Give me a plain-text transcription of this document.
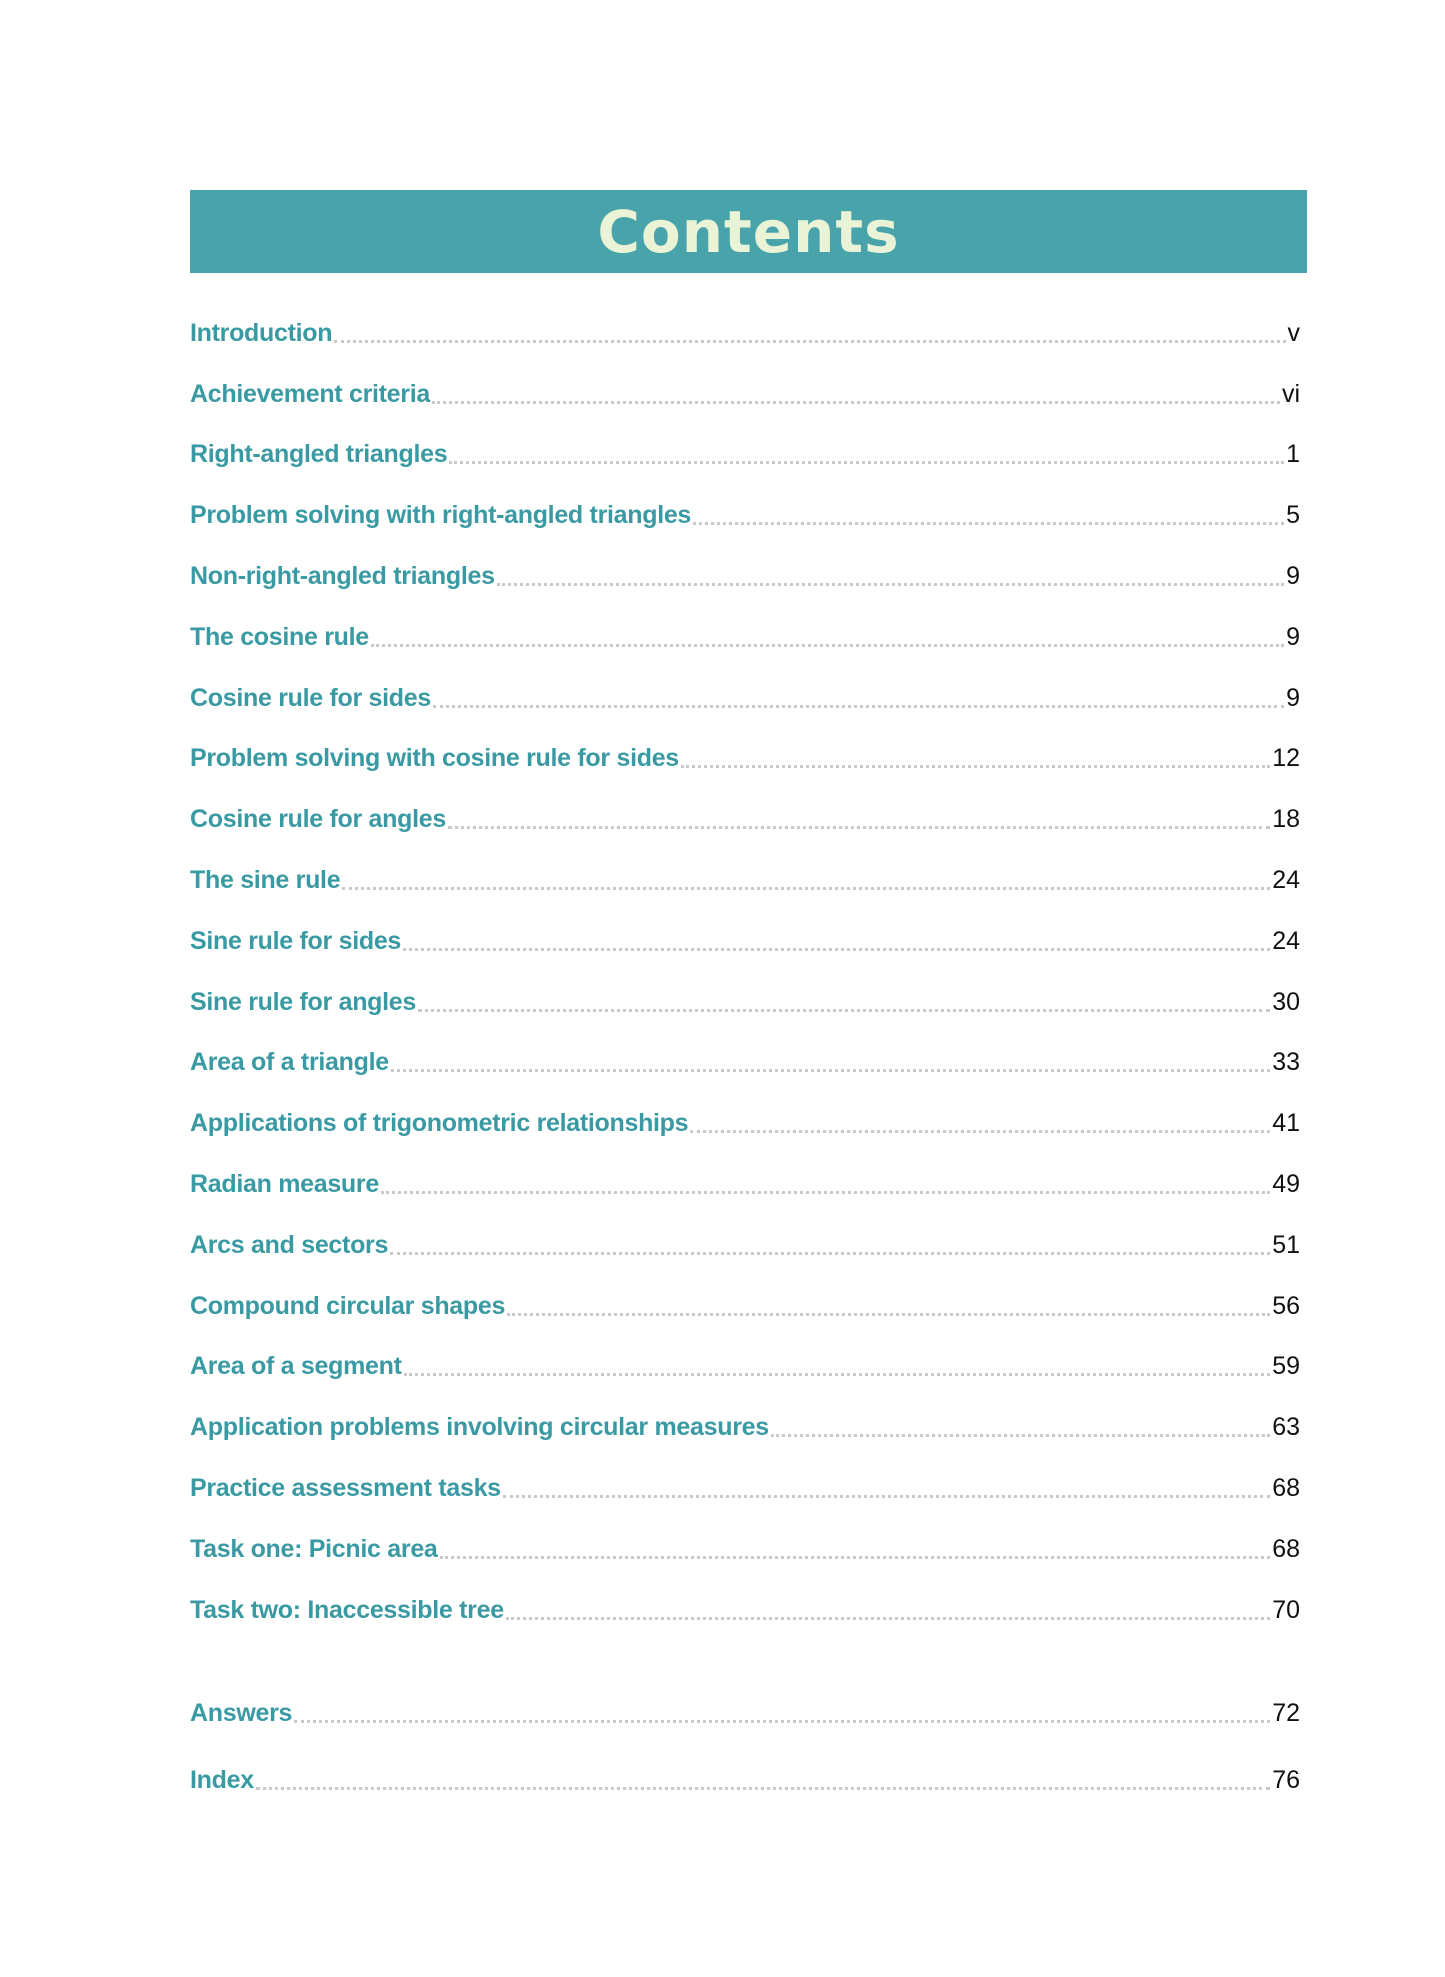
Contents
Introduction	v
Achievement criteria	vi
Right-angled triangles	1
Problem solving with right-angled triangles	5
Non-right-angled triangles	9
The cosine rule	9
Cosine rule for sides	9
Problem solving with cosine rule for sides	12
Cosine rule for angles	18
The sine rule	24
Sine rule for sides	24
Sine rule for angles	30
Area of a triangle	33
Applications of trigonometric relationships	41
Radian measure	49
Arcs and sectors	51
Compound circular shapes	56
Area of a segment	59
Application problems involving circular measures	63
Practice assessment tasks	68
Task one: Picnic area	68
Task two: Inaccessible tree	70
Answers	72
Index	76
